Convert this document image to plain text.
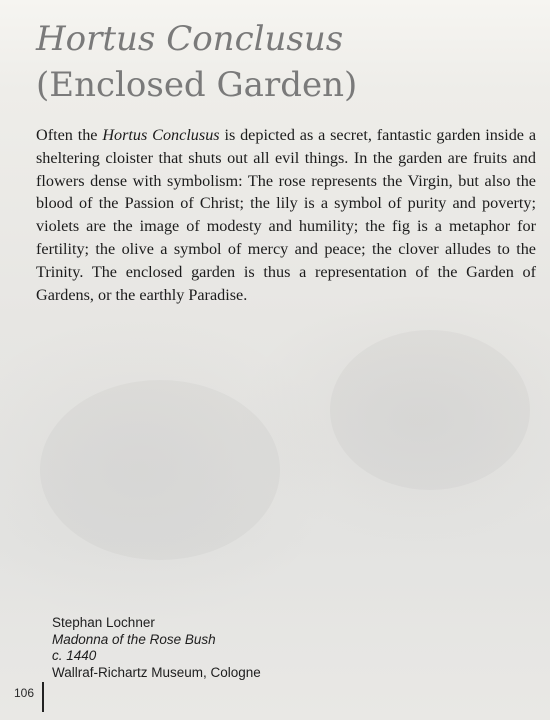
Hortus Conclusus
(Enclosed Garden)

Often the Hortus Conclusus is depicted as a secret, fantastic garden inside a sheltering cloister that shuts out all evil things. In the garden are fruits and flowers dense with symbolism: The rose represents the Virgin, but also the blood of the Passion of Christ; the lily is a symbol of purity and poverty; violets are the image of modesty and humility; the fig is a metaphor for fertility; the olive a symbol of mercy and peace; the clover alludes to the Trinity. The enclosed garden is thus a representation of the Garden of Gardens, or the earthly Paradise.

Stephan Lochner
Madonna of the Rose Bush
c. 1440
Wallraf-Richartz Museum, Cologne
106
